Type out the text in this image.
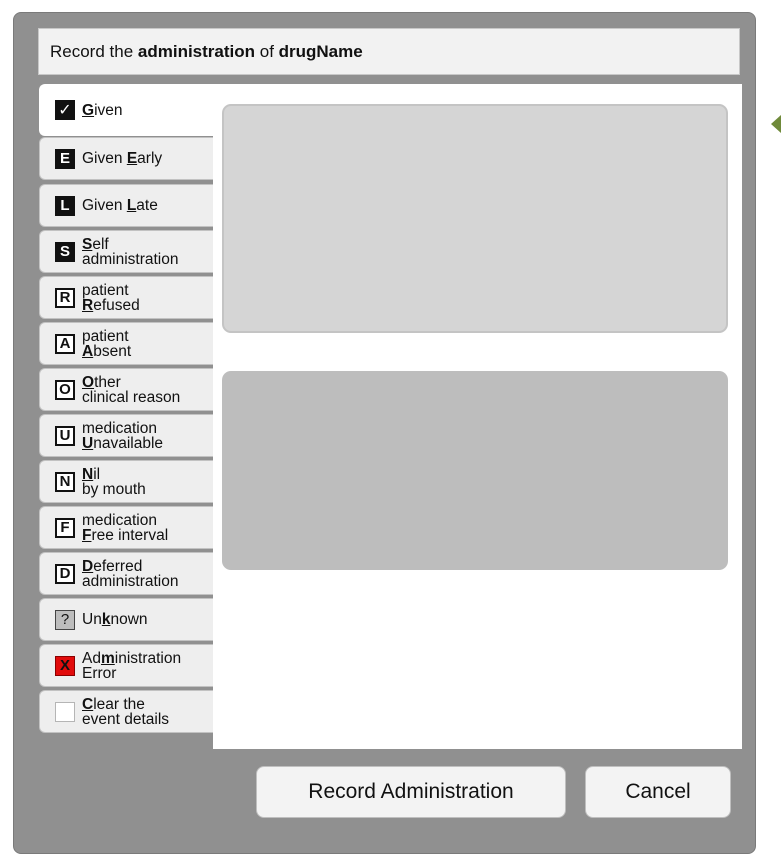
Record the administration of drugName
✓ Given
E Given Early
L Given Late
S Self
administration
R patient
Refused
A patient
Absent
O Other
clinical reason
U medication
Unavailable
N Nil
by mouth
F medication
Free interval
D Deferred
administration
? Unknown
X Administration
Error
Clear the
event details
Record Administration	Cancel
